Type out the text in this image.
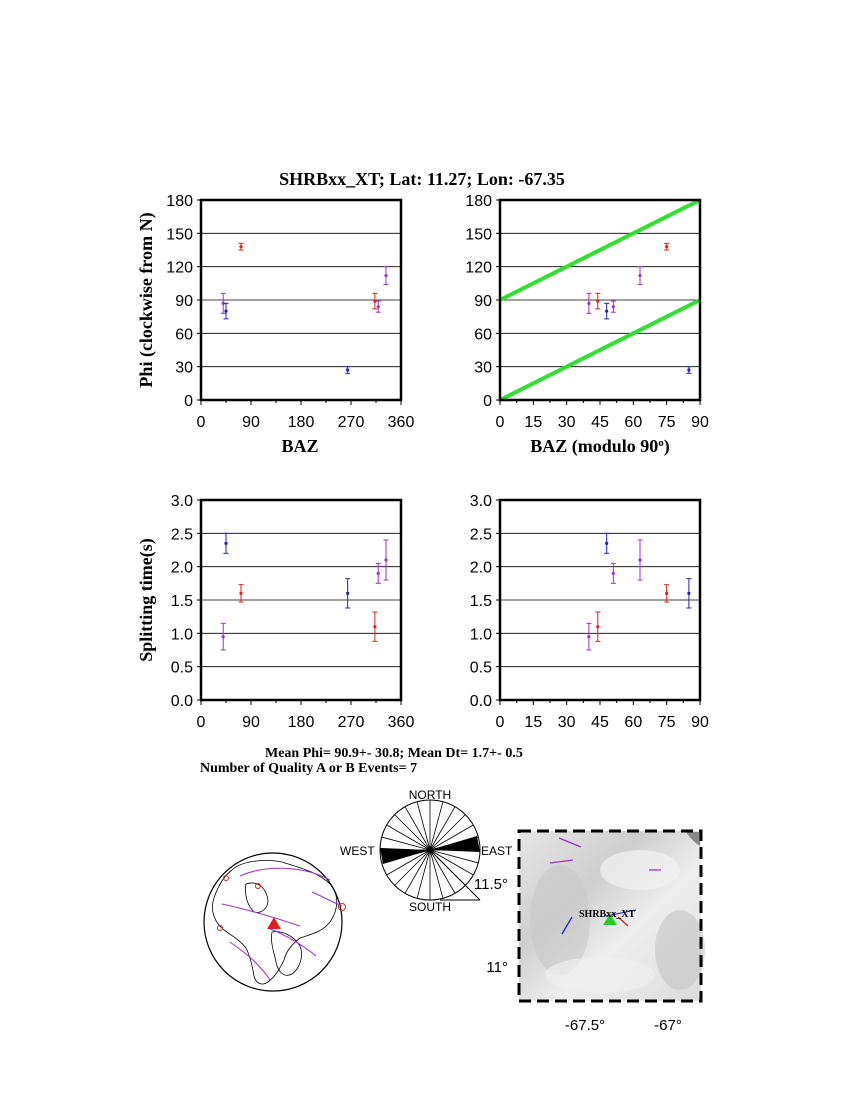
SHRBxx_XT; Lat: 11.27; Lon: -67.35
0
30
60
90
120
150
180
0 90 180 270 360
0
30
60
90
120
150
180
0 15 30 45 60 75 90
0.0
0.5
1.0
1.5
2.0
2.5
3.0
0 90 180 270 360
0.0
0.5
1.0
1.5
2.0
2.5
3.0
0 15 30 45 60 75 90
BAZ	BAZ (modulo 90$^o$)
Phi (clockwise from N)
Splitting time(s)
Mean Phi= 90.9+- 30.8; Mean Dt= 1.7+- 0.5
Number of Quality A or B Events= 7
NORTH
SOUTH
EAST
WEST
SHRBxx_XT
11.5°
11°
-67.5°	-67°
